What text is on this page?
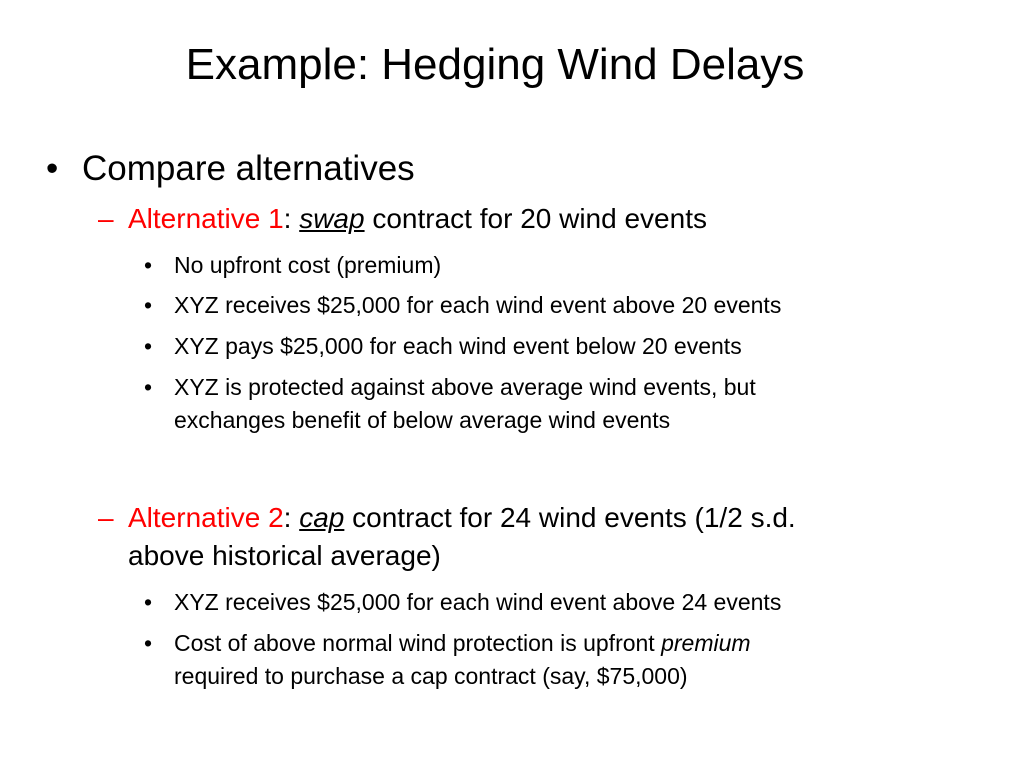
Example: Hedging Wind Delays
• Compare alternatives
– Alternative 1: swap contract for 20 wind events
• No upfront cost (premium)
• XYZ receives $25,000 for each wind event above 20 events
• XYZ pays $25,000 for each wind event below 20 events
• XYZ is protected against above average wind events, but
exchanges benefit of below average wind events
– Alternative 2: cap contract for 24 wind events (1/2 s.d.
above historical average)
• XYZ receives $25,000 for each wind event above 24 events
• Cost of above normal wind protection is upfront premium
required to purchase a cap contract (say, $75,000)
